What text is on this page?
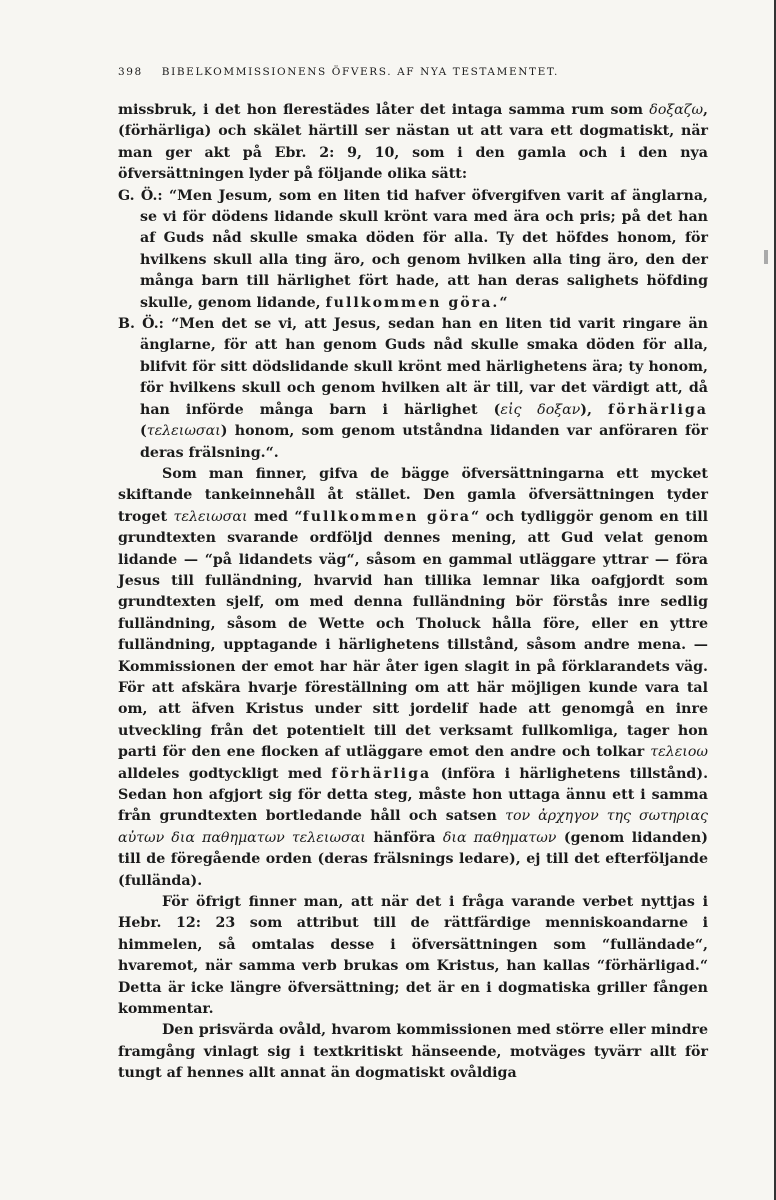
398 BIBELKOMMISSIONENS ÖFVERS. AF NYA TESTAMENTET.

missbruk, i det hon flerestädes låter det intaga samma rum som δοξαζω, (förhärliga) och skälet härtill ser nästan ut att vara ett dogmatiskt, när man ger akt på Ebr. 2: 9, 10, som i den gamla och i den nya öfversättningen lyder på följande olika sätt:

G. Ö.: “Men Jesum, som en liten tid hafver öfvergifven varit af änglarna, se vi för dödens lidande skull krönt vara med ära och pris; på det han af Guds nåd skulle smaka döden för alla. Ty det höfdes honom, för hvilkens skull alla ting äro, och genom hvilken alla ting äro, den der många barn till härlighet fört hade, att han deras salighets höfding skulle, genom lidande, fullkommen göra.“

B. Ö.: “Men det se vi, att Jesus, sedan han en liten tid varit ringare än änglarne, för att han genom Guds nåd skulle smaka döden för alla, blifvit för sitt dödslidande skull krönt med härlighetens ära; ty honom, för hvilkens skull och genom hvilken alt är till, var det värdigt att, då han införde många barn i härlighet (εἰς δοξαν), förhärliga (τελειωσαι) honom, som genom utståndna lidanden var anföraren för deras frälsning.“.

Som man finner, gifva de bägge öfversättningarna ett mycket skiftande tankeinnehåll åt stället. Den gamla öfversättningen tyder troget τελειωσαι med “fullkommen göra“ och tydliggör genom en till grundtexten svarande ordföljd dennes mening, att Gud velat genom lidande — “på lidandets väg“, såsom en gammal utläggare yttrar — föra Jesus till fulländning, hvarvid han tillika lemnar lika oafgjordt som grundtexten sjelf, om med denna fulländning bör förstås inre sedlig fulländning, såsom de Wette och Tholuck hålla före, eller en yttre fulländning, upptagande i härlighetens tillstånd, såsom andre mena. — Kommissionen der emot har här åter igen slagit in på förklarandets väg. För att afskära hvarje föreställning om att här möjligen kunde vara tal om, att äfven Kristus under sitt jordelif hade att genomgå en inre utveckling från det potentielt till det verksamt fullkomliga, tager hon parti för den ene flocken af utläggare emot den andre och tolkar τελειοω alldeles godtyckligt med förhärliga (införa i härlighetens tillstånd). Sedan hon afgjort sig för detta steg, måste hon uttaga ännu ett i samma från grundtexten bortledande håll och satsen τον ἀρχηγον της σωτηριας αὐτων δια παθηματων τελειωσαι hänföra δια παθηματων (genom lidanden) till de föregående orden (deras frälsnings ledare), ej till det efterföljande (fullända).

För öfrigt finner man, att när det i fråga varande verbet nyttjas i Hebr. 12: 23 som attribut till de rättfärdige menniskoandarne i himmelen, så omtalas desse i öfversättningen som “fulländade“, hvaremot, när samma verb brukas om Kristus, han kallas “förhärligad.“ Detta är icke längre öfversättning; det är en i dogmatiska griller fången kommentar.

Den prisvärda ovåld, hvarom kommissionen med större eller mindre framgång vinlagt sig i textkritiskt hänseende, motväges tyvärr allt för tungt af hennes allt annat än dogmatiskt ovåldiga
